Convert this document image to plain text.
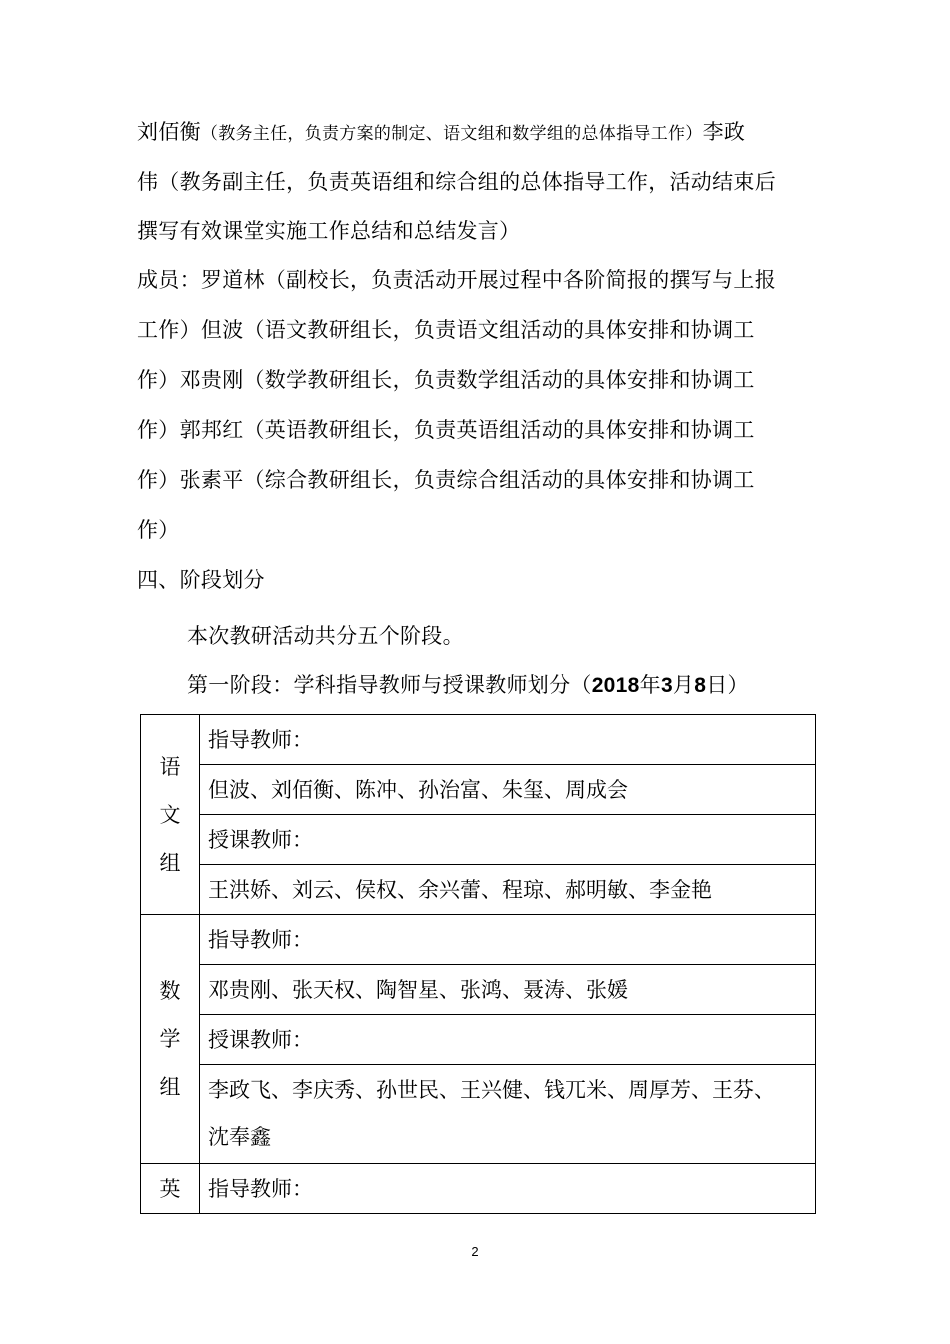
刘佰衡（教务主任，负责方案的制定、语文组和数学组的总体指导工作）李政
伟（教务副主任，负责英语组和综合组的总体指导工作，活动结束后
撰写有效课堂实施工作总结和总结发言）
成员：罗道林（副校长，负责活动开展过程中各阶简报的撰写与上报
工作）但波（语文教研组长，负责语文组活动的具体安排和协调工
作）邓贵刚（数学教研组长，负责数学组活动的具体安排和协调工
作）郭邦红（英语教研组长，负责英语组活动的具体安排和协调工
作）张素平（综合教研组长，负责综合组活动的具体安排和协调工
作）
四、阶段划分
本次教研活动共分五个阶段。
第一阶段：学科指导教师与授课教师划分（2018年3月8日）
语
文
组	指导教师：
	但波、刘佰衡、陈冲、孙治富、朱玺、周成会
	授课教师：
	王洪娇、刘云、侯权、余兴蕾、程琼、郝明敏、李金艳
数
学
组	指导教师：
	邓贵刚、张天权、陶智星、张鸿、聂涛、张媛
	授课教师：

	李政飞、李庆秀、孙世民、王兴健、钱兀米、周厚芳、王芬、
沈奉鑫

英	指导教师：
2
